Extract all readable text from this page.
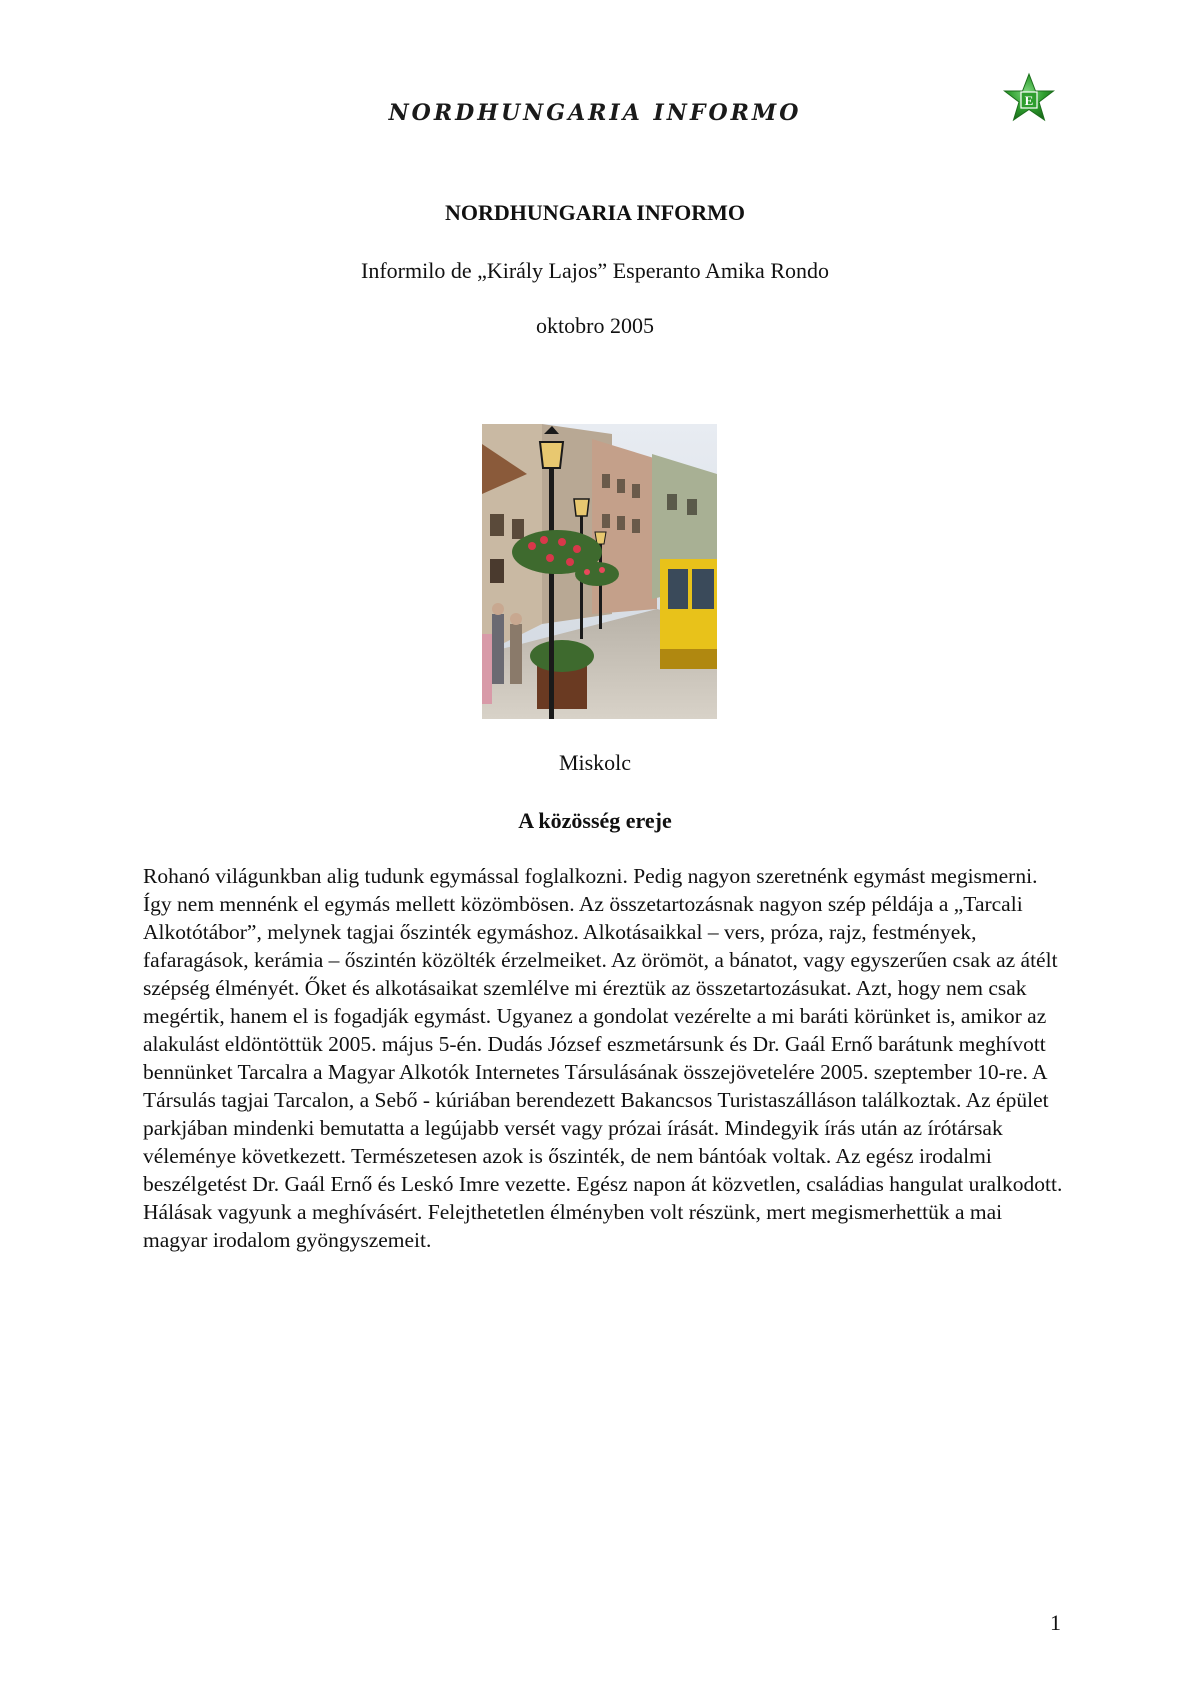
NORDHUNGARIA INFORMO	E
NORDHUNGARIA INFORMO
Informilo de „Király Lajos” Esperanto Amika Rondo
oktobro 2005
Miskolc
A közösség ereje

Rohanó világunkban alig tudunk egymással foglalkozni. Pedig nagyon szeretnénk egymást megismerni. Így nem mennénk el egymás mellett közömbösen. Az összetartozásnak nagyon szép példája a „Tarcali Alkotótábor”, melynek tagjai őszinték egymáshoz. Alkotásaikkal – vers, próza, rajz, festmények, fafaragások, kerámia – őszintén közölték érzelmeiket. Az örömöt, a bánatot, vagy egyszerűen csak az átélt szépség élményét. Őket és alkotásaikat szemlélve mi éreztük az összetartozásukat. Azt, hogy nem csak megértik, hanem el is fogadják egymást. Ugyanez a gondolat vezérelte a mi baráti körünket is, amikor az alakulást eldöntöttük 2005. május 5-én. Dudás József eszmetársunk és Dr. Gaál Ernő barátunk meghívott bennünket Tarcalra a Magyar Alkotók Internetes Társulásának összejövetelére 2005. szeptember 10-re. A Társulás tagjai Tarcalon, a Sebő - kúriában berendezett Bakancsos Turistaszálláson találkoztak. Az épület parkjában mindenki bemutatta a legújabb versét vagy prózai írását. Mindegyik írás után az írótársak véleménye következett. Természetesen azok is őszinték, de nem bántóak voltak. Az egész irodalmi beszélgetést Dr. Gaál Ernő és Leskó Imre vezette. Egész napon át közvetlen, családias hangulat uralkodott. Hálásak vagyunk a meghívásért. Felejthetetlen élményben volt részünk, mert megismerhettük a mai magyar irodalom gyöngyszemeit.

1
